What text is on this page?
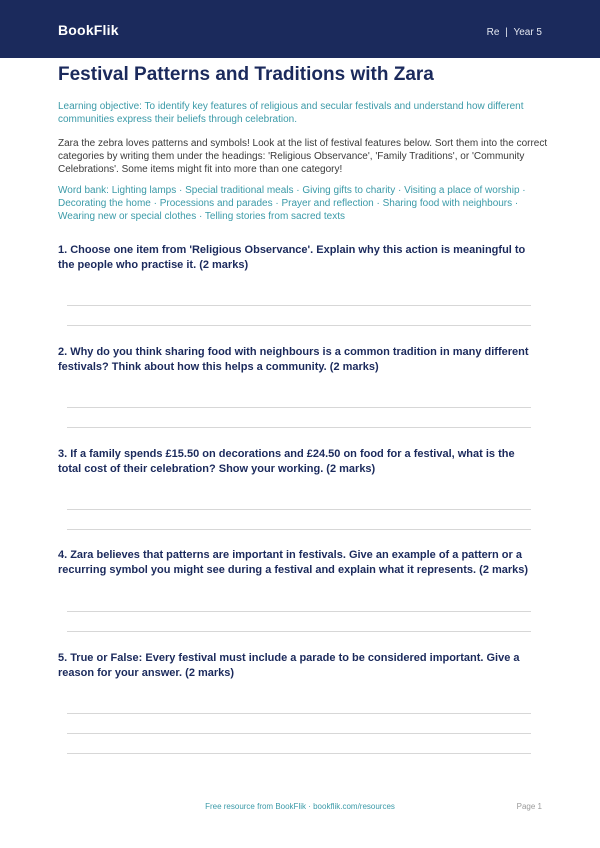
BookFlik	Re | Year 5
Festival Patterns and Traditions with Zara
Learning objective: To identify key features of religious and secular festivals and understand how different communities express their beliefs through celebration.
Zara the zebra loves patterns and symbols! Look at the list of festival features below. Sort them into the correct categories by writing them under the headings: 'Religious Observance', 'Family Traditions', or 'Community Celebrations'. Some items might fit into more than one category!
Word bank: Lighting lamps · Special traditional meals · Giving gifts to charity · Visiting a place of worship · Decorating the home · Processions and parades · Prayer and reflection · Sharing food with neighbours · Wearing new or special clothes · Telling stories from sacred texts
1. Choose one item from 'Religious Observance'. Explain why this action is meaningful to the people who practise it. (2 marks)
2. Why do you think sharing food with neighbours is a common tradition in many different festivals? Think about how this helps a community. (2 marks)
3. If a family spends £15.50 on decorations and £24.50 on food for a festival, what is the total cost of their celebration? Show your working. (2 marks)
4. Zara believes that patterns are important in festivals. Give an example of a pattern or a recurring symbol you might see during a festival and explain what it represents. (2 marks)
5. True or False: Every festival must include a parade to be considered important. Give a reason for your answer. (2 marks)
Free resource from BookFlik · bookflik.com/resources	Page 1
